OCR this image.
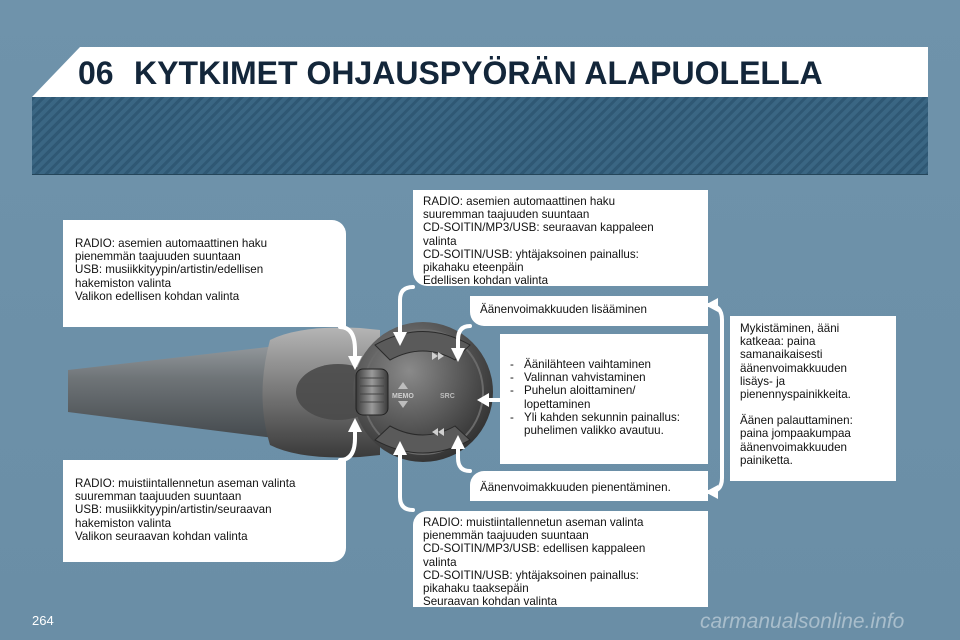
06 KYTKIMET OHJAUSPYÖRÄN ALAPUOLELLA
MEMO	SRC

RADIO: asemien automaattinen haku
pienemmän taajuuden suuntaan
USB: musiikkityypin/artistin/edellisen
hakemiston valinta
Valikon edellisen kohdan valinta

RADIO: muistiintallennetun aseman valinta
suuremman taajuuden suuntaan
USB: musiikkityypin/artistin/seuraavan
hakemiston valinta
Valikon seuraavan kohdan valinta

RADIO: asemien automaattinen haku
suuremman taajuuden suuntaan
CD-SOITIN/MP3/USB: seuraavan kappaleen
valinta
CD-SOITIN/USB: yhtäjaksoinen painallus:
pikahaku eteenpäin
Edellisen kohdan valinta

RADIO: muistiintallennetun aseman valinta
pienemmän taajuuden suuntaan
CD-SOITIN/MP3/USB: edellisen kappaleen
valinta
CD-SOITIN/USB: yhtäjaksoinen painallus:
pikahaku taaksepäin
Seuraavan kohdan valinta

Äänenvoimakkuuden lisääminen

Äänenvoimakkuuden pienentäminen.

- Äänilähteen vaihtaminen

- Valinnan vahvistaminen

- Puhelun aloittaminen/
lopettaminen

- Yli kahden sekunnin painallus:
puhelimen valikko avautuu.

Mykistäminen, ääni
katkeaa: paina
samanaikaisesti
äänenvoimakkuuden
lisäys- ja
pienennyspainikkeita.

Äänen palauttaminen:
paina jompaakumpaa
äänenvoimakkuuden
painiketta.

264	carmanualsonline.info
